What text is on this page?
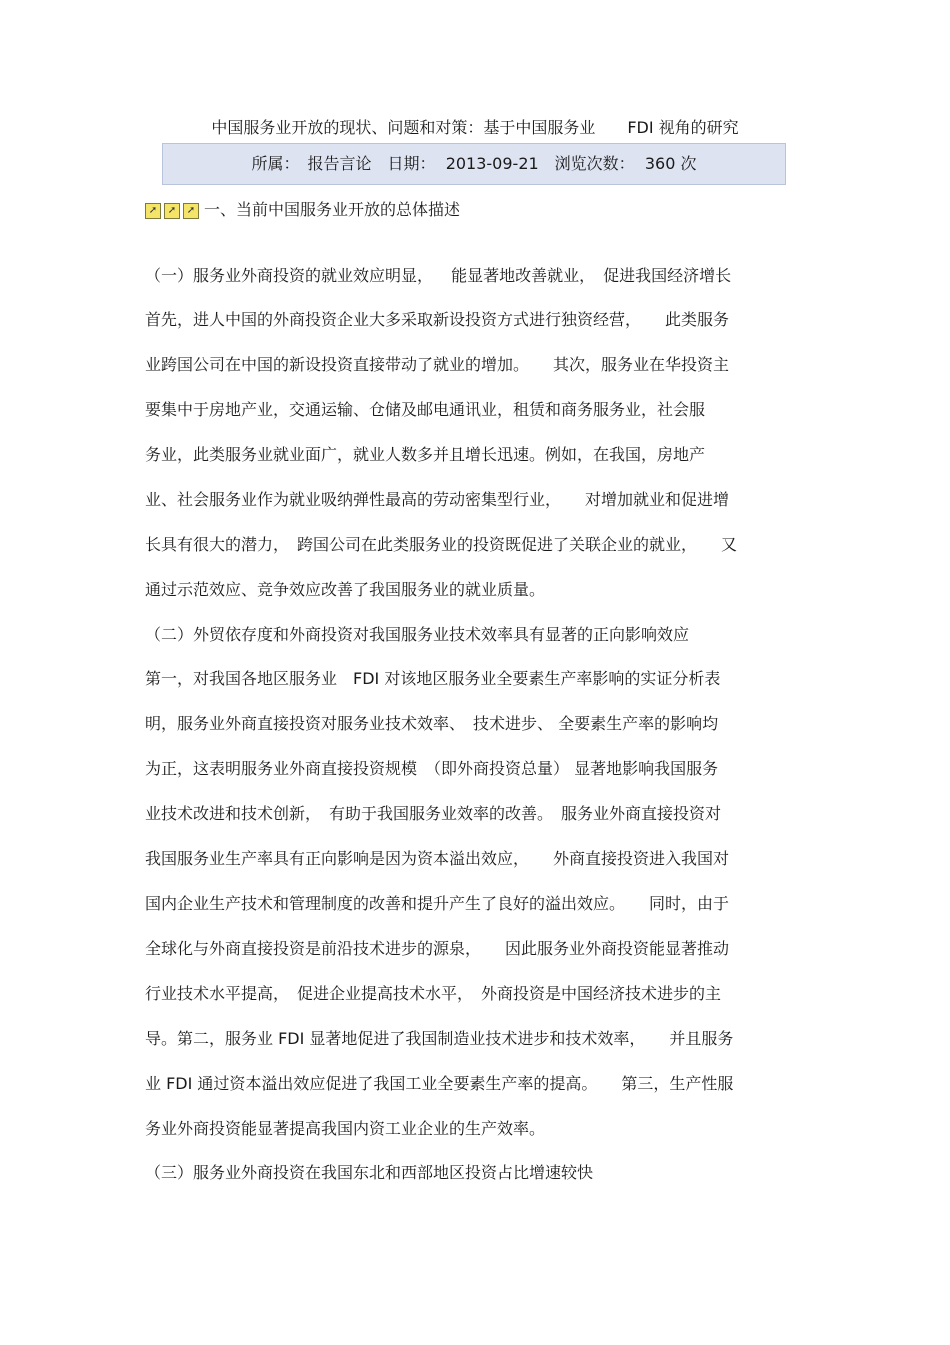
中国服务业开放的现状、问题和对策：基于中国服务业　　FDI 视角的研究
所属：　报告言论　日期：  2013-09-21　浏览次数：  360 次
➚ ➚ ➚ 一、当前中国服务业开放的总体描述
（一）服务业外商投资的就业效应明显，　  能显著地改善就业，　促进我国经济增长
首先，进人中国的外商投资企业大多采取新设投资方式进行独资经营，　　此类服务
业跨国公司在中国的新设投资直接带动了就业的增加。　　其次，服务业在华投资主
要集中于房地产业，交通运输、仓储及邮电通讯业，租赁和商务服务业，社会服
务业，此类服务业就业面广，就业人数多并且增长迅速。例如，在我国，房地产
业、社会服务业作为就业吸纳弹性最高的劳动密集型行业，　　对增加就业和促进增
长具有很大的潜力，　跨国公司在此类服务业的投资既促进了关联企业的就业，　　又
通过示范效应、竞争效应改善了我国服务业的就业质量。
（二）外贸依存度和外商投资对我国服务业技术效率具有显著的正向影响效应
第一，对我国各地区服务业　FDI 对该地区服务业全要素生产率影响的实证分析表
明，服务业外商直接投资对服务业技术效率、　技术进步、 全要素生产率的影响均
为正，这表明服务业外商直接投资规模　（即外商投资总量） 显著地影响我国服务
业技术改进和技术创新，　有助于我国服务业效率的改善。　服务业外商直接投资对
我国服务业生产率具有正向影响是因为资本溢出效应，　　外商直接投资进入我国对
国内企业生产技术和管理制度的改善和提升产生了良好的溢出效应。　　同时，由于
全球化与外商直接投资是前沿技术进步的源泉，　　因此服务业外商投资能显著推动
行业技术水平提高，　促进企业提高技术水平，　外商投资是中国经济技术进步的主
导。第二，服务业 FDI 显著地促进了我国制造业技术进步和技术效率，　　并且服务
业 FDI 通过资本溢出效应促进了我国工业全要素生产率的提高。　　第三，生产性服
务业外商投资能显著提高我国内资工业企业的生产效率。
（三）服务业外商投资在我国东北和西部地区投资占比增速较快
